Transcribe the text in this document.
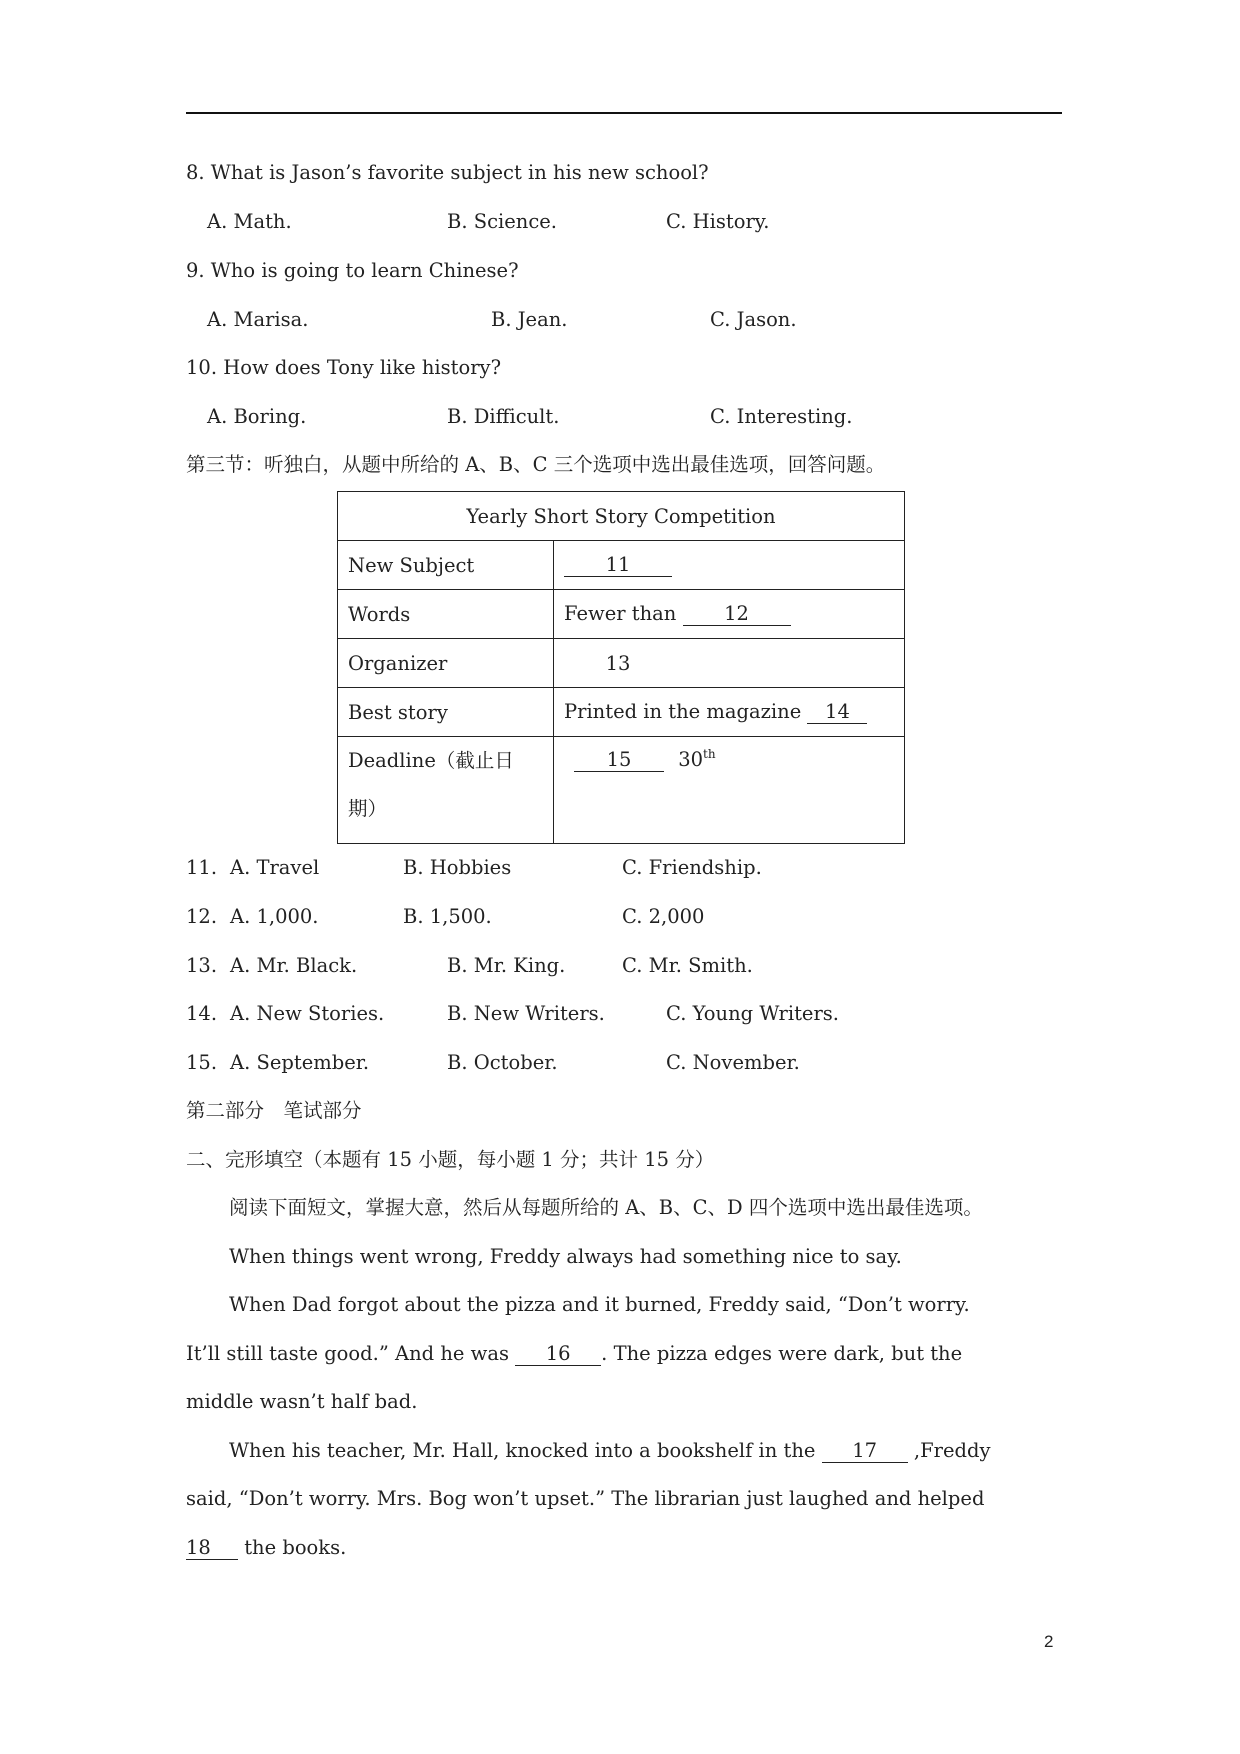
8. What is Jason’s favorite subject in his new school?
A. Math.	B. Science.	C. History.
9. Who is going to learn Chinese?
A. Marisa.	B. Jean.	C. Jason.
10. How does Tony like history?
A. Boring.	B. Difficult.	C. Interesting.
第三节：听独白，从题中所给的 A、B、C 三个选项中选出最佳选项，回答问题。
Yearly Short Story Competition	
New Subject	11
Words	Fewer than 12
Organizer	13
Best story	Printed in the magazine 14

Deadline（截止日期）	15 30th
11. A. Travel	B. Hobbies	C. Friendship.
12. A. 1,000.	B. 1,500.	C. 2,000
13. A. Mr. Black.	B. Mr. King.	C. Mr. Smith.
14. A. New Stories.	B. New Writers.	C. Young Writers.
15. A. September.	B. October.	C. November.
第二部分　笔试部分
二、完形填空（本题有 15 小题，每小题 1 分；共计 15 分）
阅读下面短文，掌握大意，然后从每题所给的 A、B、C、D 四个选项中选出最佳选项。
When things went wrong, Freddy always had something nice to say.
When Dad forgot about the pizza and it burned, Freddy said, “Don’t worry.
It’ll still taste good.” And he was 16 . The pizza edges were dark, but the
middle wasn’t half bad.
When his teacher, Mr. Hall, knocked into a bookshelf in the 17 ,Freddy
said, “Don’t worry. Mrs. Bog won’t upset.” The librarian just laughed and helped
18 the books.
2
